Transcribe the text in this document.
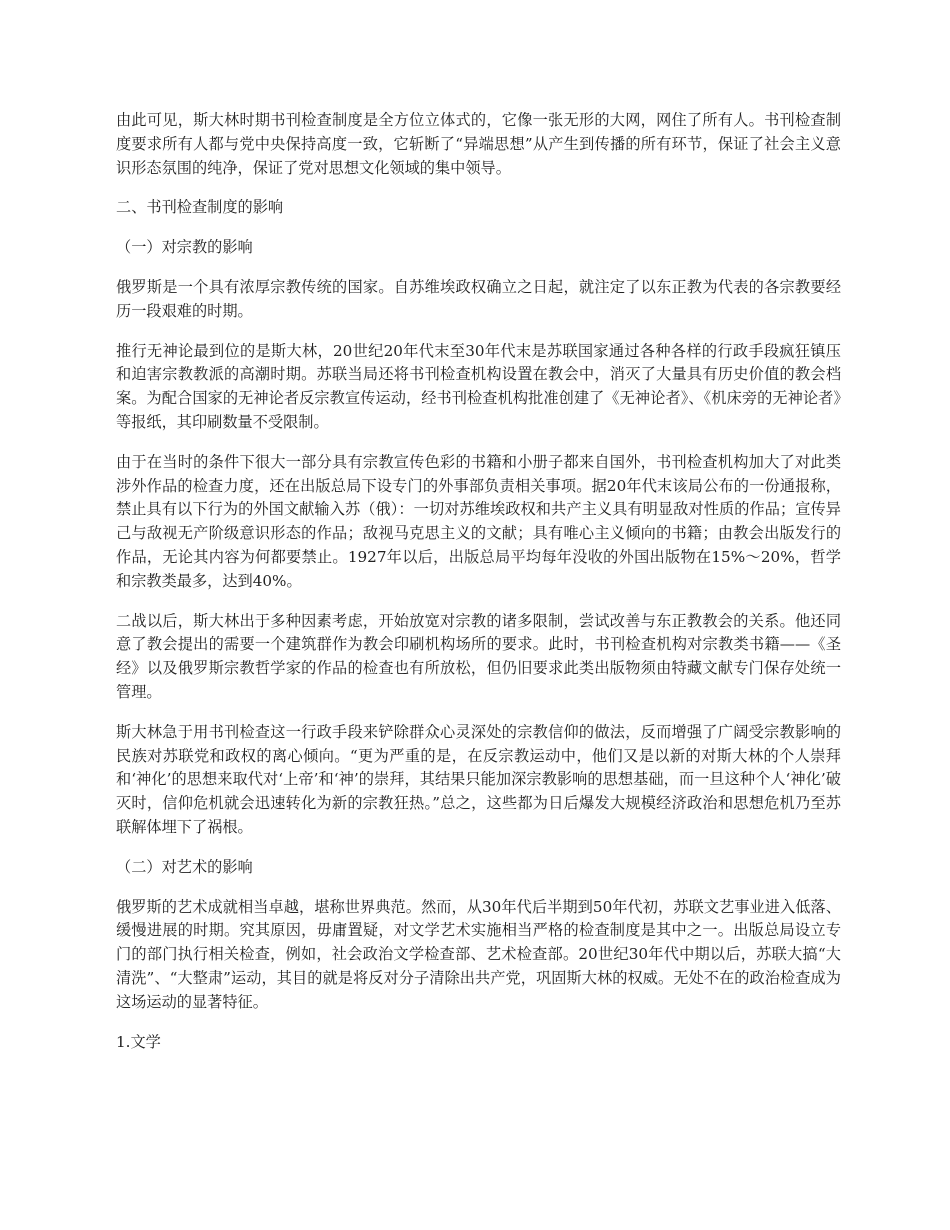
由此可见，斯大林时期书刊检查制度是全方位立体式的，它像一张无形的大网，网住了所有人。书刊检查制度要求所有人都与党中央保持高度一致，它斩断了“异端思想”从产生到传播的所有环节，保证了社会主义意识形态氛围的纯净，保证了党对思想文化领域的集中领导。

二、书刊检查制度的影响

（一）对宗教的影响

俄罗斯是一个具有浓厚宗教传统的国家。自苏维埃政权确立之日起，就注定了以东正教为代表的各宗教要经历一段艰难的时期。

推行无神论最到位的是斯大林，20世纪20年代末至30年代末是苏联国家通过各种各样的行政手段疯狂镇压和迫害宗教教派的高潮时期。苏联当局还将书刊检查机构设置在教会中，消灭了大量具有历史价值的教会档案。为配合国家的无神论者反宗教宣传运动，经书刊检查机构批准创建了《无神论者》、《机床旁的无神论者》等报纸，其印刷数量不受限制。

由于在当时的条件下很大一部分具有宗教宣传色彩的书籍和小册子都来自国外，书刊检查机构加大了对此类涉外作品的检查力度，还在出版总局下设专门的外事部负责相关事项。据20年代末该局公布的一份通报称，禁止具有以下行为的外国文献输入苏（俄）：一切对苏维埃政权和共产主义具有明显敌对性质的作品；宣传异己与敌视无产阶级意识形态的作品；敌视马克思主义的文献；具有唯心主义倾向的书籍；由教会出版发行的作品，无论其内容为何都要禁止。1927年以后，出版总局平均每年没收的外国出版物在15%～20%，哲学和宗教类最多，达到40%。

二战以后，斯大林出于多种因素考虑，开始放宽对宗教的诸多限制，尝试改善与东正教教会的关系。他还同意了教会提出的需要一个建筑群作为教会印刷机构场所的要求。此时，书刊检查机构对宗教类书籍——《圣经》以及俄罗斯宗教哲学家的作品的检查也有所放松，但仍旧要求此类出版物须由特藏文献专门保存处统一管理。

斯大林急于用书刊检查这一行政手段来铲除群众心灵深处的宗教信仰的做法，反而增强了广阔受宗教影响的民族对苏联党和政权的离心倾向。“更为严重的是，在反宗教运动中，他们又是以新的对斯大林的个人崇拜和‘神化’的思想来取代对‘上帝’和‘神’的崇拜，其结果只能加深宗教影响的思想基础，而一旦这种个人‘神化’破灭时，信仰危机就会迅速转化为新的宗教狂热。”总之，这些都为日后爆发大规模经济政治和思想危机乃至苏联解体埋下了祸根。

（二）对艺术的影响

俄罗斯的艺术成就相当卓越，堪称世界典范。然而，从30年代后半期到50年代初，苏联文艺事业进入低落、缓慢进展的时期。究其原因，毋庸置疑，对文学艺术实施相当严格的检查制度是其中之一。出版总局设立专门的部门执行相关检查，例如，社会政治文学检查部、艺术检查部。20世纪30年代中期以后，苏联大搞“大清洗”、“大整肃”运动，其目的就是将反对分子清除出共产党，巩固斯大林的权威。无处不在的政治检查成为这场运动的显著特征。

1.文学
